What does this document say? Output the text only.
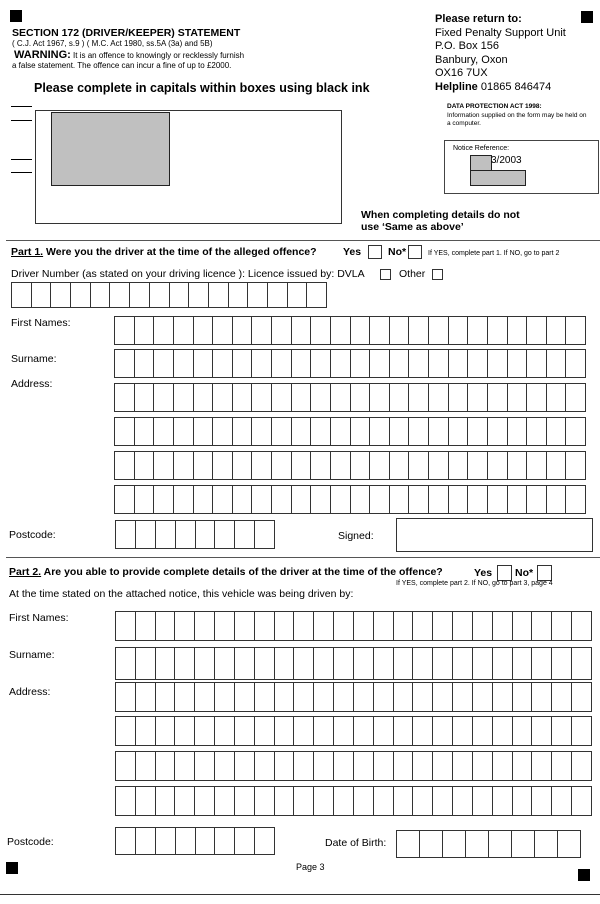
SECTION 172 (DRIVER/KEEPER) STATEMENT
( C.J. Act 1967, s.9 ) ( M.C. Act 1980, ss.5A (3a) and 5B)
WARNING: It is an offence to knowingly or recklessly furnish
a false statement. The offence can incur a fine of up to £2000.
Please complete in capitals within boxes using black ink
Please return to:
Fixed Penalty Support Unit
P.O. Box 156
Banbury, Oxon
OX16 7UX
Helpline 01865 846474
DATA PROTECTION ACT 1998:
Information supplied on the form may be held on a computer.
Notice Reference:
3/2003
When completing details do not
use ‘Same as above’
Part 1. Were you the driver at the time of the alleged offence?	Yes	No*	If YES, complete part 1. If NO, go to part 2
Driver Number (as stated on your driving licence ): Licence issued by: DVLA	Other
First Names:
Surname:
Address:
Postcode:	Signed:
Part 2. Are you able to provide complete details of the driver at the time of the offence?	Yes No*
If YES, complete part 2. If NO, go to part 3, page 4
At the time stated on the attached notice, this vehicle was being driven by:
First Names:
Surname:
Address:
Postcode:	Date of Birth:
Page 3
